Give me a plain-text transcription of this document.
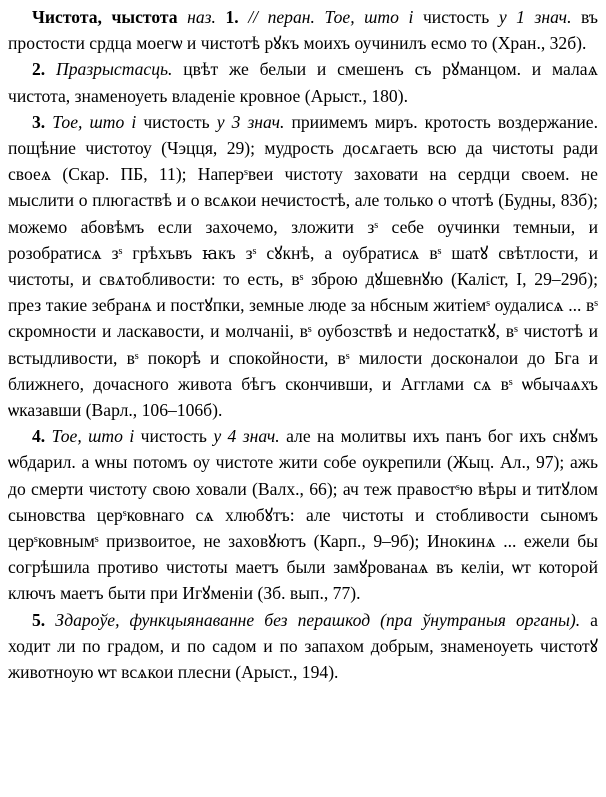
Чистота, чыстота наз. 1. // перан. Тое, што і чистость у 1 знач. въ простости срдца моегѡ и чистотѣ рꙋкъ моихъ оучинилъ есмо то (Хран., 32б).

2. Празрыстасць. цвѣт же белыи и смешенъ съ рꙋманцом. и малаѧ чистота, знаменоуеть владеніе кровное (Арыст., 180).

3. Тое, што і чистость у 3 знач. приимемъ миръ. кротость воздержание. пощѣние чистотоу (Чэцця, 29); мудрость досѧгаеть всю да чистоты ради своеѧ (Скар. ПБ, 11); Наперˢвеи чистоту заховати на сердци своем. не мыслити о плюгаствѣ и о всѧкои нечистостѣ, але только о чтотѣ (Будны, 83б); можемо абовѣмъ если захочемо, зложити зˢ себе оучинки темныи, и розобратисѧ зˢ грѣхъвъ ꙗкъ зˢ сꙋкнѣ, а оубратисѧ вˢ шатꙋ свѣтлости, и чистоты, и свѧтобливости: то есть, вˢ зброю дꙋшевнꙋю (Каліст, I, 29–29б); през такие зебранѧ и постꙋпки, земные люде за нбсным житіемˢ оудалисѧ ... вˢ скромности и ласкавости, и молчаніі, вˢ оубозствѣ и недостаткꙋ, вˢ чистотѣ и встыдливости, вˢ покорѣ и спокойности, вˢ милости досконалои до Бга и ближнего, дочасного живота бѣгъ скончивши, и Агглами сѧ вˢ ѡбычаѧхъ ѡказавши (Варл., 106–106б).

4. Тое, што і чистость у 4 знач. але на молитвы ихъ панъ бог ихъ снꙋмъ ѡбдарил. а ѡны потомъ оу чистоте жити собе оукрепили (Жыц. Ал., 97); ажь до смерти чистоту свою ховали (Валх., 66); ач теж правостˢю вѣры и титꙋлом сыновства церˢковнаго сѧ хлюбꙋтъ: але чистоты и стобливости сыномъ церˢковнымˢ призвоитое, не заховꙋютъ (Карп., 9–9б); Инокинѧ ... ежели бы согрѣшила противо чистоты маетъ были замꙋрованаѧ въ келіи, ѡт которой ключъ маетъ быти при Игꙋменіи (Зб. вып., 77).

5. Здароўе, функцыянаванне без перашкод (пра ўнутраныя органы). а ходит ли по градом, и по садом и по запахом добрым, знаменоуеть чистотꙋ животноую ѡт всѧкои плесни (Арыст., 194).
